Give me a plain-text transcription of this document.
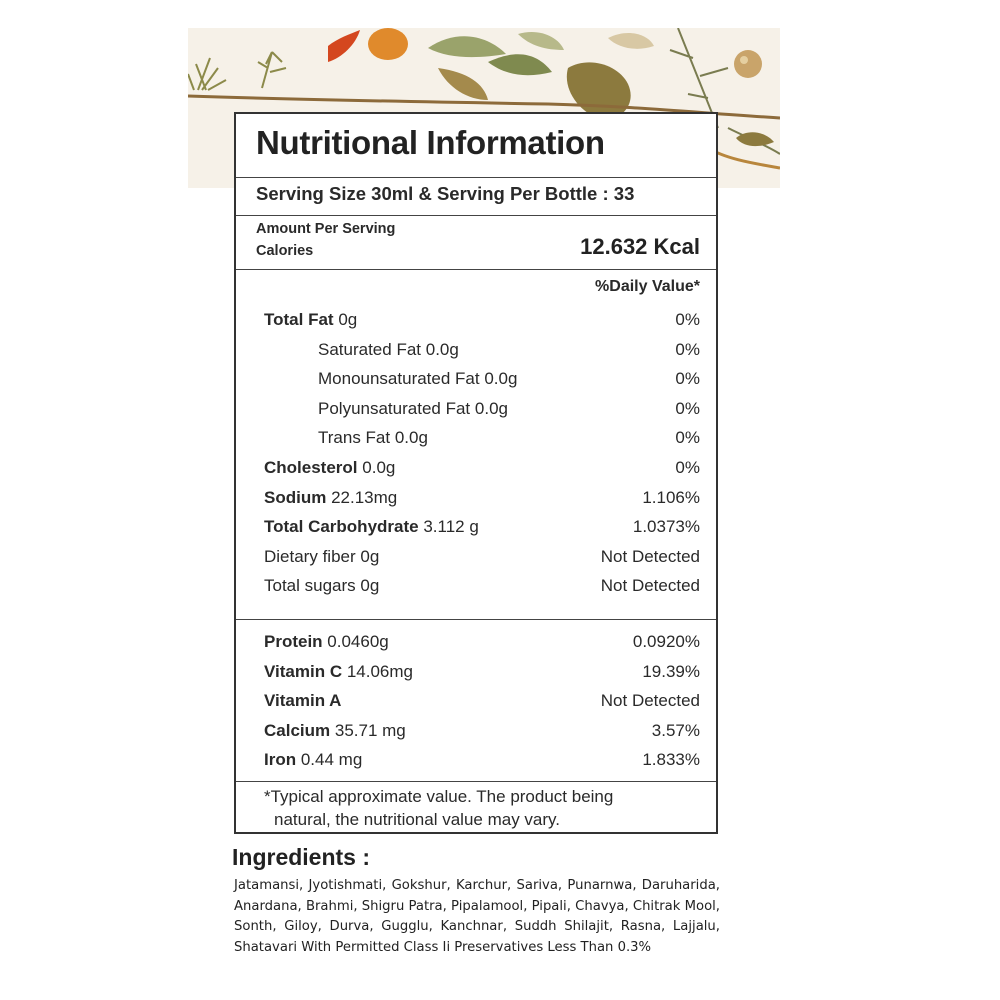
Nutritional Information
Serving Size 30ml & Serving Per Bottle : 33
Amount Per Serving
Calories	12.632 Kcal
%Daily Value*
Total Fat 0g	0%
Saturated Fat 0.0g	0%
Monounsaturated Fat 0.0g	0%
Polyunsaturated Fat 0.0g	0%
Trans Fat 0.0g	0%
Cholesterol 0.0g	0%
Sodium 22.13mg	1.106%
Total Carbohydrate 3.112 g	1.0373%
Dietary fiber 0g	Not Detected
Total sugars 0g	Not Detected
Protein 0.0460g	0.0920%
Vitamin C 14.06mg	19.39%
Vitamin A	Not Detected
Calcium 35.71 mg	3.57%
Iron 0.44 mg	1.833%
*Typical approximate value. The product being
natural, the nutritional value may vary.
Ingredients :
Jatamansi, Jyotishmati, Gokshur, Karchur, Sariva, Punarnwa, Daruharida, Anardana, Brahmi, Shigru Patra, Pipalamool, Pipali, Chavya, Chitrak Mool, Sonth, Giloy, Durva, Gugglu, Kanchnar, Suddh Shilajit, Rasna, Lajjalu, Shatavari With Permitted Class Ii Preservatives Less Than 0.3%
